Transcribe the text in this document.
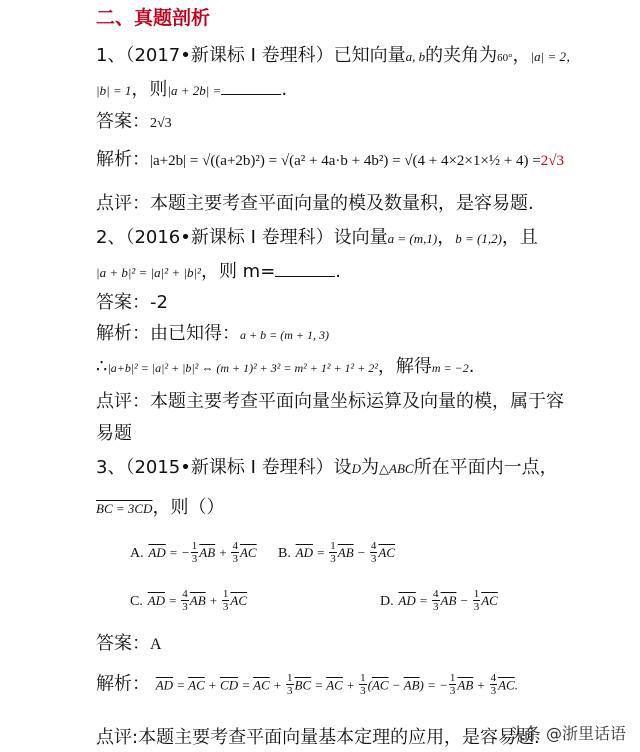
二、真题剖析
1、（2017•新课标 I 卷理科）已知向量a, b的夹角为60°，|a| = 2，
|b| = 1，则|a + 2b| =	.
答案：2√3
解析：|a+2b| = √((a+2b)²) = √(a² + 4a·b + 4b²) = √(4 + 4×2×1×½ + 4) =2√3
点评：本题主要考查平面向量的模及数量积，是容易题.
2、（2016•新课标 I 卷理科）设向量a = (m,1)，b = (1,2)，且
|a + b|² = |a|² + |b|²，则 m=	.
答案：-2
解析：由已知得：a + b = (m + 1, 3)
∴|a+b|² = |a|² + |b|² ⇔ (m + 1)² + 3² = m² + 1² + 1² + 2²，解得m = −2.
点评：本题主要考查平面向量坐标运算及向量的模，属于容
易题
3、（2015•新课标 I 卷理科）设D为△ABC所在平面内一点，
BC = 3CD，则（）
A. $\overline{AD}$ = − $\frac{1}{3} \overline{AB} + \frac{4}{3} \overline{AC}$ B. $\overline{AD} = \frac{1}{3} \overline{AB} - \frac{4}{3} \overline{AC}$
C. $\overline{AD} = \frac{4}{3} \overline{AB} + \frac{1}{3} \overline{AC}$	D. $\overline{AD} = \frac{4}{3} \overline{AB} - \frac{1}{3} \overline{AC}$
答案：A
解析： $\overline{AD} = \overline{AC} + \overline{CD} = \overline{AC} + \frac{1}{3} \overline{BC} = \overline{AC} + \frac{1}{3} (\overline{AC} - \overline{AB})$ = − $\frac{1}{3} \overline{AB} + \frac{4}{3} \overline{AC}$.
点评:本题主要考查平面向量基本定理的应用，是容易题.
头条 @浙里话语
